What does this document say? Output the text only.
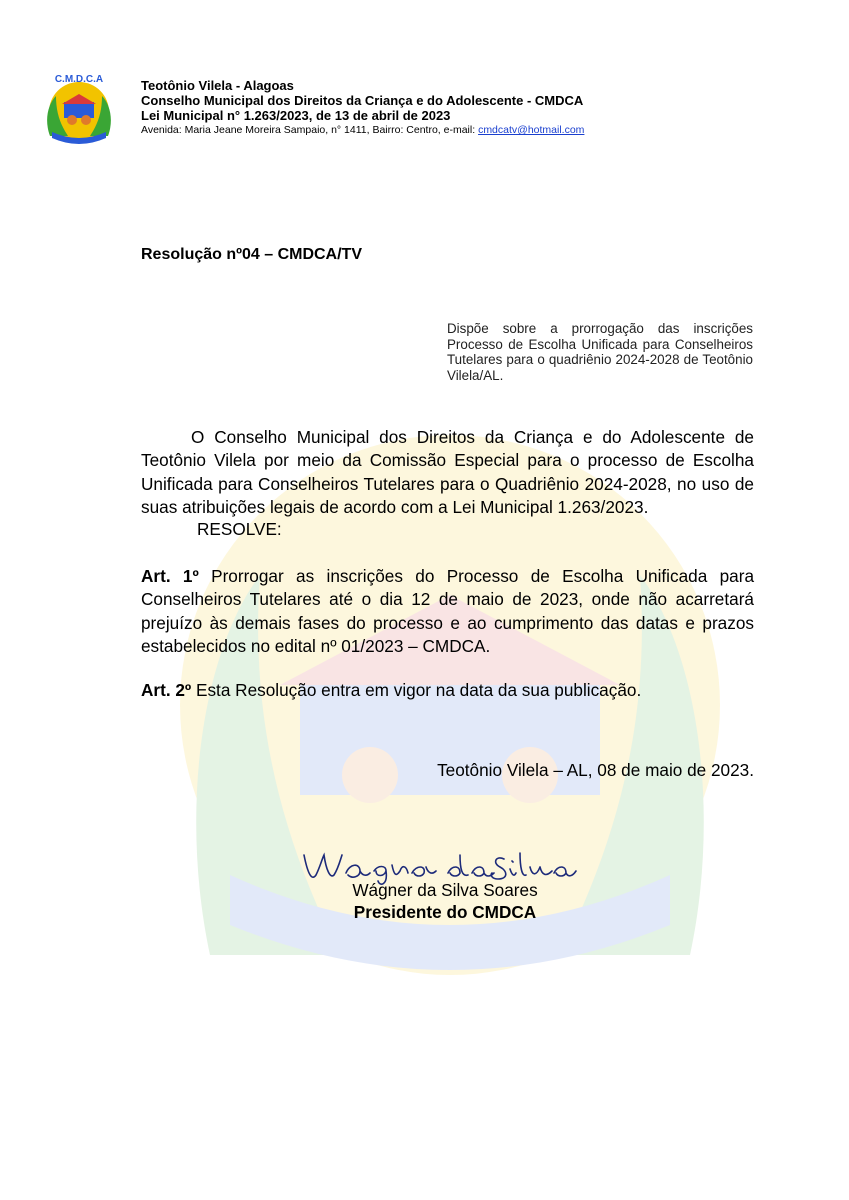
C.M.D.C.A	Teotônio Vilela - Alagoas
Conselho Municipal dos Direitos da Criança e do Adolescente - CMDCA
Lei Municipal n° 1.263/2023, de 13 de abril de 2023
Avenida: Maria Jeane Moreira Sampaio, n° 1411, Bairro: Centro, e-mail: cmdcatv@hotmail.com
Resolução nº04 – CMDCA/TV
Dispõe sobre a prorrogação das inscrições Processo de Escolha Unificada para Conselheiros Tutelares para o quadriênio 2024-2028 de Teotônio Vilela/AL.
O Conselho Municipal dos Direitos da Criança e do Adolescente de Teotônio Vilela por meio da Comissão Especial para o processo de Escolha Unificada para Conselheiros Tutelares para o Quadriênio 2024-2028, no uso de suas atribuições legais de acordo com a Lei Municipal 1.263/2023.
RESOLVE:
Art. 1º Prorrogar as inscrições do Processo de Escolha Unificada para Conselheiros Tutelares até o dia 12 de maio de 2023, onde não acarretará prejuízo às demais fases do processo e ao cumprimento das datas e prazos estabelecidos no edital nº 01/2023 – CMDCA.
Art. 2º Esta Resolução entra em vigor na data da sua publicação.
Teotônio Vilela – AL, 08 de maio de 2023.
Wágner da Silva Soares
Presidente do CMDCA
